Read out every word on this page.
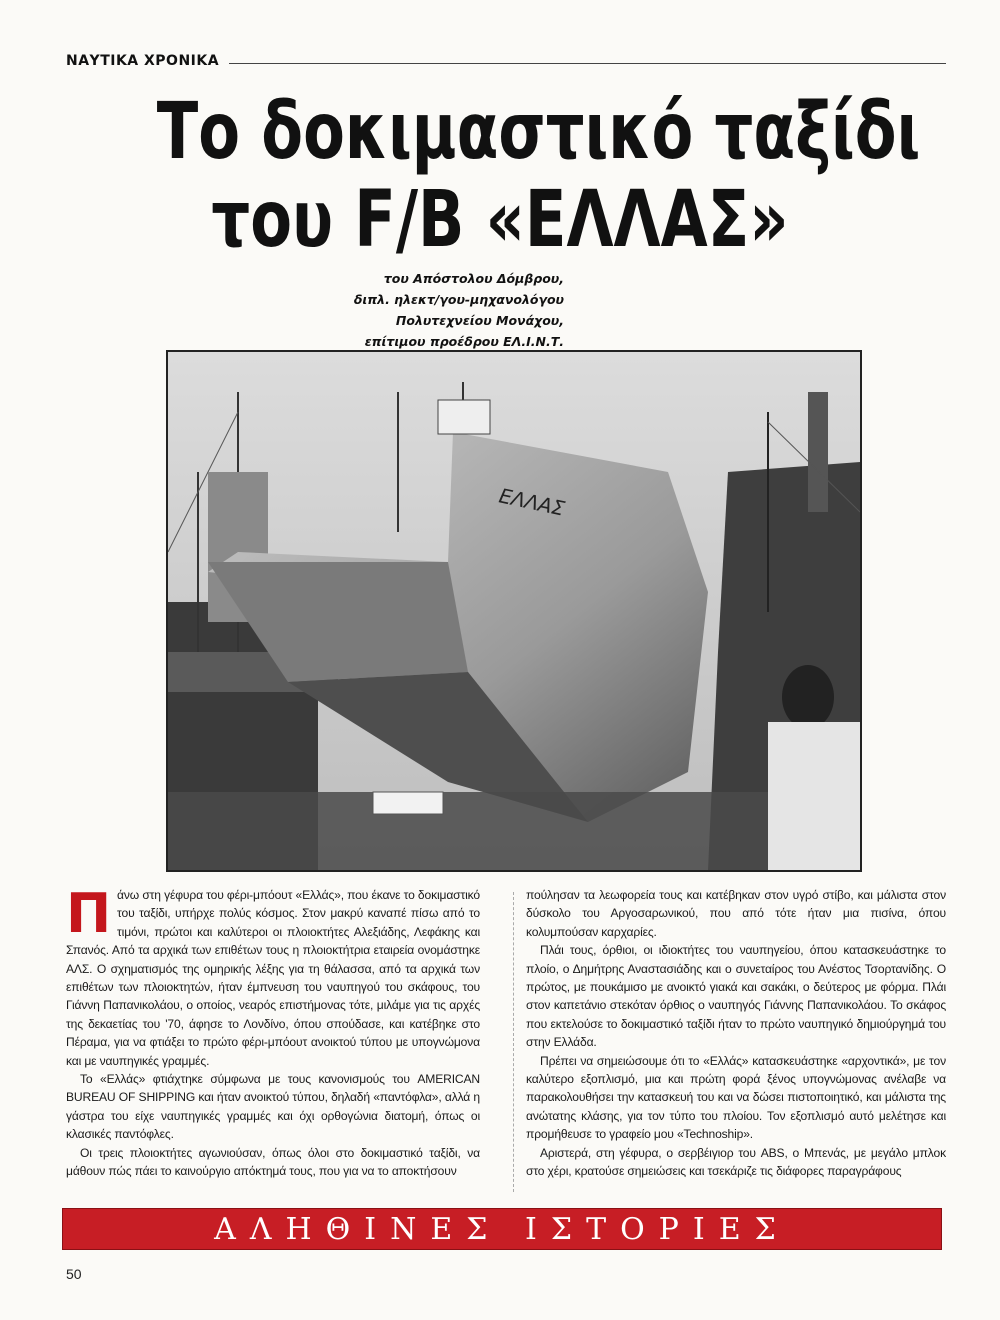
ΝΑΥΤΙΚΑ ΧΡΟΝΙΚΑ
Το δοκιμαστικό ταξίδι
του F/B «ΕΛΛΑΣ»
του Απόστολου Δόμβρου,
διπλ. ηλεκτ/γου-μηχανολόγου
Πολυτεχνείου Μονάχου,
επίτιμου προέδρου ΕΛ.Ι.Ν.Τ.
ΕΛΛΑΣ

Πάνω στη γέφυρα του φέρι-μπόουτ «Ελλάς», που έκανε το δοκιμαστικό του ταξίδι, υπήρχε πολύς κόσμος. Στον μακρύ καναπέ πίσω από το τιμόνι, πρώτοι και καλύτεροι οι πλοιοκτήτες Αλεξιάδης, Λεφάκης και Σπανός. Από τα αρχικά των επιθέτων τους η πλοιοκτήτρια εταιρεία ονομάστηκε ΑΛΣ. Ο σχηματισμός της ομηρικής λέξης για τη θάλασσα, από τα αρχικά των επιθέτων των πλοιοκτητών, ήταν έμπνευση του ναυπηγού του σκάφους, του Γιάννη Παπανικολάου, ο οποίος, νεαρός επιστήμονας τότε, μιλάμε για τις αρχές της δεκαετίας του '70, άφησε το Λονδίνο, όπου σπούδασε, και κατέβηκε στο Πέραμα, για να φτιάξει το πρώτο φέρι-μπόουτ ανοικτού τύπου με υπογνώμονα και με ναυπηγικές γραμμές.

Το «Ελλάς» φτιάχτηκε σύμφωνα με τους κανονισμούς του AMERICAN BUREAU OF SHIPPING και ήταν ανοικτού τύπου, δηλαδή «παντόφλα», αλλά η γάστρα του είχε ναυπηγικές γραμμές και όχι ορθογώνια διατομή, όπως οι κλασικές παντόφλες.

Οι τρεις πλοιοκτήτες αγωνιούσαν, όπως όλοι στο δοκιμαστικό ταξίδι, να μάθουν πώς πάει το καινούργιο απόκτημά τους, που για να το αποκτήσουν

πούλησαν τα λεωφορεία τους και κατέβηκαν στον υγρό στίβο, και μάλιστα στον δύσκολο του Αργοσαρωνικού, που από τότε ήταν μια πισίνα, όπου κολυμπούσαν καρχαρίες.

Πλάι τους, όρθιοι, οι ιδιοκτήτες του ναυπηγείου, όπου κατασκευάστηκε το πλοίο, ο Δημήτρης Αναστασιάδης και ο συνεταίρος του Ανέστος Τσορτανίδης. Ο πρώτος, με πουκάμισο με ανοικτό γιακά και σακάκι, ο δεύτερος με φόρμα. Πλάι στον καπετάνιο στεκόταν όρθιος ο ναυπηγός Γιάννης Παπανικολάου. Το σκάφος που εκτελούσε το δοκιμαστικό ταξίδι ήταν το πρώτο ναυπηγικό δημιούργημά του στην Ελλάδα.

Πρέπει να σημειώσουμε ότι το «Ελλάς» κατασκευάστηκε «αρχοντικά», με τον καλύτερο εξοπλισμό, μια και πρώτη φορά ξένος υπογνώμονας ανέλαβε να παρακολουθήσει την κατασκευή του και να δώσει πιστοποιητικό, και μάλιστα της ανώτατης κλάσης, για τον τύπο του πλοίου. Τον εξοπλισμό αυτό μελέτησε και προμήθευσε το γραφείο μου «Technoship».

Αριστερά, στη γέφυρα, ο σερβέιγιορ του ABS, ο Μπενάς, με μεγάλο μπλοκ στο χέρι, κρατούσε σημειώσεις και τσεκάριζε τις διάφορες παραγράφους

ΑΛΗΘΙΝΕΣ ΙΣΤΟΡΙΕΣ
50
